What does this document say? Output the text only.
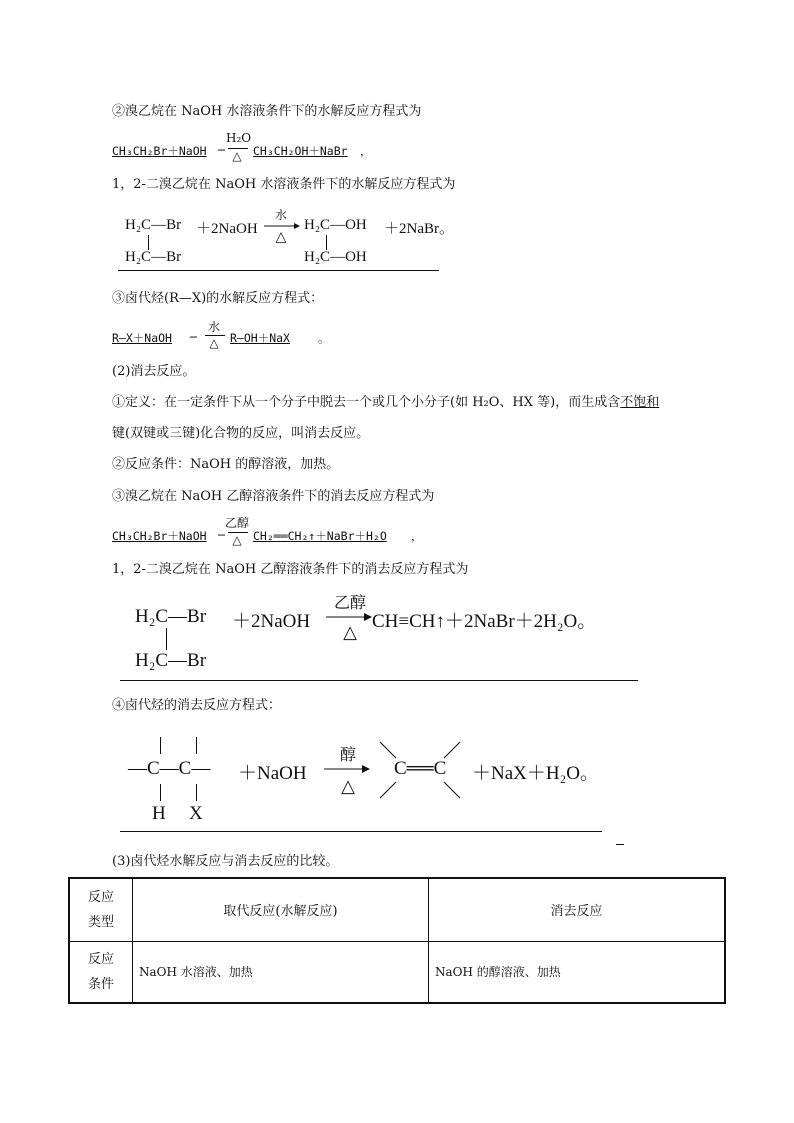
②溴乙烷在 NaOH 水溶液条件下的水解反应方程式为
CH₃CH₂Br＋NaOH ─
H₂O
△ CH₃CH₂OH＋NaBr ，
1，2-二溴乙烷在 NaOH 水溶液条件下的水解反应方程式为
H₂C—Br
H₂C—Br
＋2NaOH
水
△
H₂C—OH
H₂C—OH
＋2NaBr。
③卤代烃(R—X)的水解反应方程式：
R—X＋NaOH ─
水
△ R—OH＋NaX 。
(2)消去反应。
①定义：在一定条件下从一个分子中脱去一个或几个小分子(如 H₂O、HX 等)，而生成含不饱和
键(双键或三键)化合物的反应，叫消去反应。
②反应条件：NaOH 的醇溶液，加热。
③溴乙烷在 NaOH 乙醇溶液条件下的消去反应方程式为
CH₃CH₂Br＋NaOH ─
乙醇
△ CH₂══CH₂↑＋NaBr＋H₂O ，
1，2-二溴乙烷在 NaOH 乙醇溶液条件下的消去反应方程式为
H₂C—Br
H₂C—Br
＋2NaOH
乙醇
△
CH≡CH↑＋2NaBr＋2H₂O。
④卤代烃的消去反应方程式：
—C—C—
H X
＋NaOH
醇
△
C══C ＋NaX＋H₂O。
(3)卤代烃水解反应与消去反应的比较。
反应
类型	取代反应(水解反应)	消去反应

反应
条件	NaOH 水溶液、加热	NaOH 的醇溶液、加热
